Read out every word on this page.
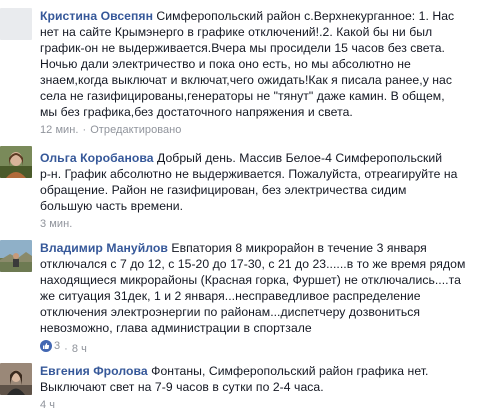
Кристина Овсепян Симферопольский район с.Верхнекурганное: 1. Нас
нет на сайте Крымэнерго в графике отключений!.2. Какой бы ни был
график-он не выдерживается.Вчера мы просидели 15 часов без света.
Ночью дали электричество и пока оно есть, но мы абсолютно не
знаем,когда выключат и включат,чего ожидать!Как я писала ранее,у нас
села не газифицированы,генераторы не "тянут" даже камин. В общем,
мы без графика,без достаточного напряжения и света.
12 мин. · Отредактировано
Ольга Коробанова Добрый день. Массив Белое-4 Симферопольский
р-н. График абсолютно не выдерживается. Пожалуйста, отреагируйте на
обращение. Район не газифицирован, без электричества сидим
большую часть времени.
3 мин.
Владимир Мануйлов Евпатория 8 микрорайон в течение 3 января
отключался с 7 до 12, с 15-20 до 17-30, с 21 до 23......в то же время рядом
находящиеся микрорайоны (Красная горка, Фуршет) не отключались....та
же ситуация 31дек, 1 и 2 января...несправедливое распределение
отключения электроэнергии по районам...диспетчеру дозвониться
невозможно, глава администрации в спортзале
3 · 8 ч
Евгения Фролова Фонтаны, Симферопольский район графика нет.
Выключают свет на 7-9 часов в сутки по 2-4 часа.
4 ч
